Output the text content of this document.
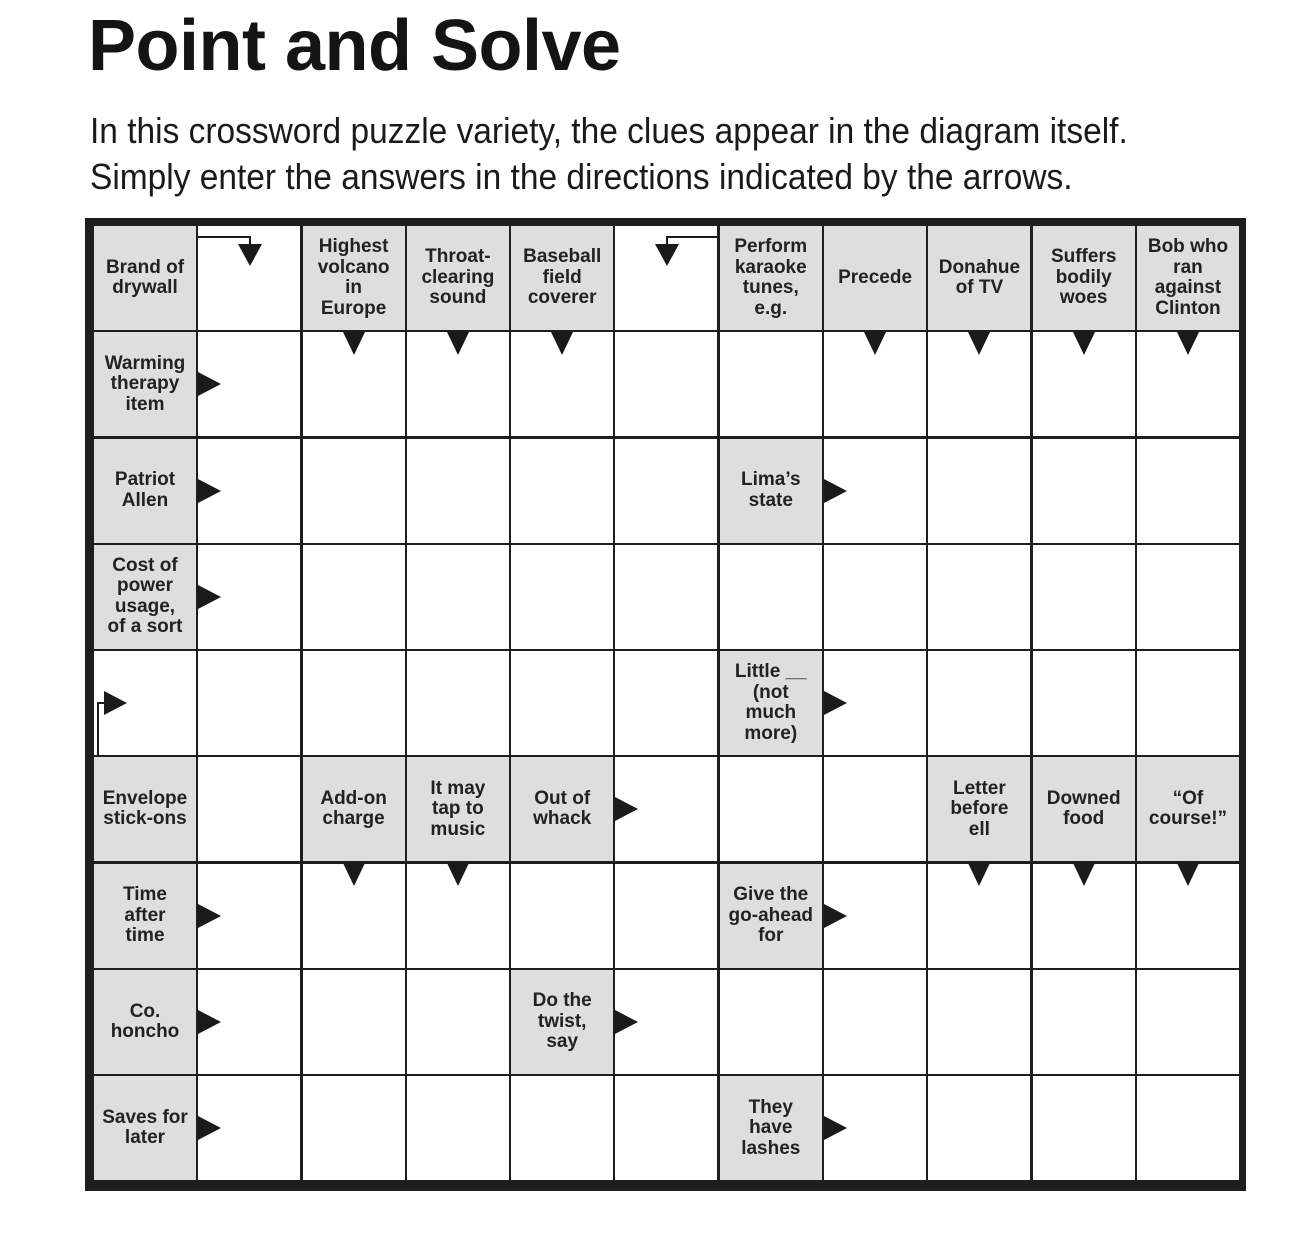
Point and Solve
In this crossword puzzle variety, the clues appear in the diagram itself.
Simply enter the answers in the directions indicated by the arrows.
Brand of
drywall
Highest
volcano
in
Europe
Throat-
clearing
sound
Baseball
field
coverer
Perform
karaoke
tunes,
e.g.
Precede	Donahue
of TV
Suffers
bodily
woes
Bob who
ran
against
Clinton
Warming
therapy
item
Patriot
Allen
Lima’s
state
Cost of
power
usage,
of a sort
Little __
(not
much
more)
Envelope
stick-ons
Add-on
charge
It may
tap to
music
Out of
whack
Letter
before
ell
Downed
food
“Of
course!”
Time
after
time
Give the
go-ahead
for
Co.
honcho
Do the
twist,
say
Saves for
later
They
have
lashes
